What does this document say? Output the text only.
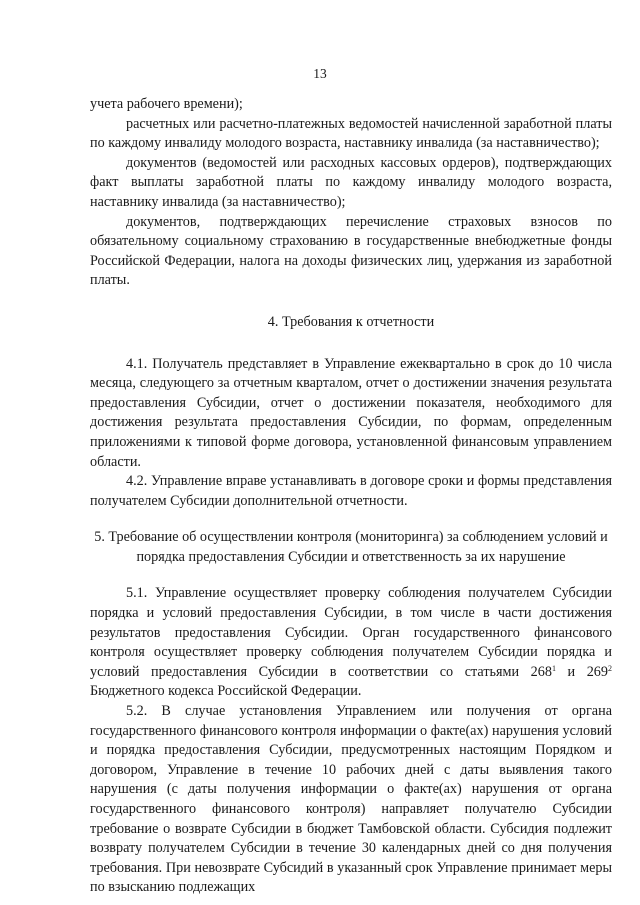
13

учета рабочего времени);

расчетных или расчетно-платежных ведомостей начисленной заработной платы по каждому инвалиду молодого возраста, наставнику инвалида (за наставничество);

документов (ведомостей или расходных кассовых ордеров), подтверждающих факт выплаты заработной платы по каждому инвалиду молодого возраста, наставнику инвалида (за наставничество);

документов, подтверждающих перечисление страховых взносов по обязательному социальному страхованию в государственные внебюджетные фонды Российской Федерации, налога на доходы физических лиц, удержания из заработной платы.

4. Требования к отчетности

4.1. Получатель представляет в Управление ежеквартально в срок до 10 числа месяца, следующего за отчетным кварталом, отчет о достижении значения результата предоставления Субсидии, отчет о достижении показателя, необходимого для достижения результата предоставления Субсидии, по формам, определенным приложениями к типовой форме договора, установленной финансовым управлением области.

4.2. Управление вправе устанавливать в договоре сроки и формы представления получателем Субсидии дополнительной отчетности.

5. Требование об осуществлении контроля (мониторинга) за соблюдением условий и порядка предоставления Субсидии и ответственность за их нарушение

5.1. Управление осуществляет проверку соблюдения получателем Субсидии порядка и условий предоставления Субсидии, в том числе в части достижения результатов предоставления Субсидии. Орган государственного финансового контроля осуществляет проверку соблюдения получателем Субсидии порядка и условий предоставления Субсидии в соответствии со статьями $268^1$ и $269^2$ Бюджетного кодекса Российской Федерации.

5.2. В случае установления Управлением или получения от органа государственного финансового контроля информации о факте(ах) нарушения условий и порядка предоставления Субсидии, предусмотренных настоящим Порядком и договором, Управление в течение 10 рабочих дней с даты выявления такого нарушения (с даты получения информации о факте(ах) нарушения от органа государственного финансового контроля) направляет получателю Субсидии требование о возврате Субсидии в бюджет Тамбовской области. Субсидия подлежит возврату получателем Субсидии в течение 30 календарных дней со дня получения требования. При невозврате Субсидий в указанный срок Управление принимает меры по взысканию подлежащих
